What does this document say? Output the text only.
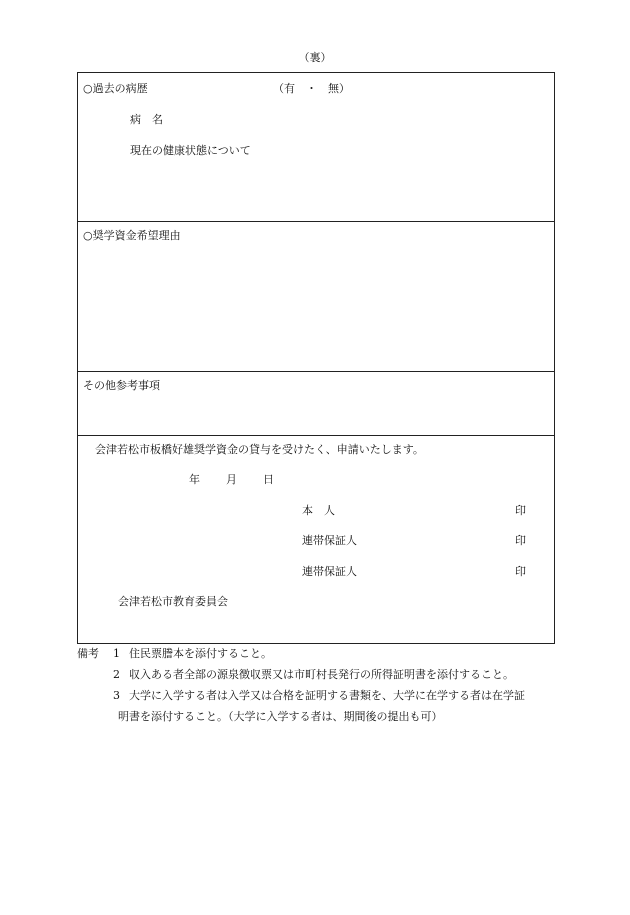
（裏）
○過去の病歴	（有　・　無）
病　名
現在の健康状態について
○奨学資金希望理由
その他参考事項
会津若松市板橋好雄奨学資金の貸与を受けたく、申請いたします。
年 月 日
本　人	印
連帯保証人	印
連帯保証人	印
会津若松市教育委員会
備考 1 住民票謄本を添付すること。
2 収入ある者全部の源泉徴収票又は市町村長発行の所得証明書を添付すること。
3 大学に入学する者は入学又は合格を証明する書類を、大学に在学する者は在学証
明書を添付すること。（大学に入学する者は、期間後の提出も可）
